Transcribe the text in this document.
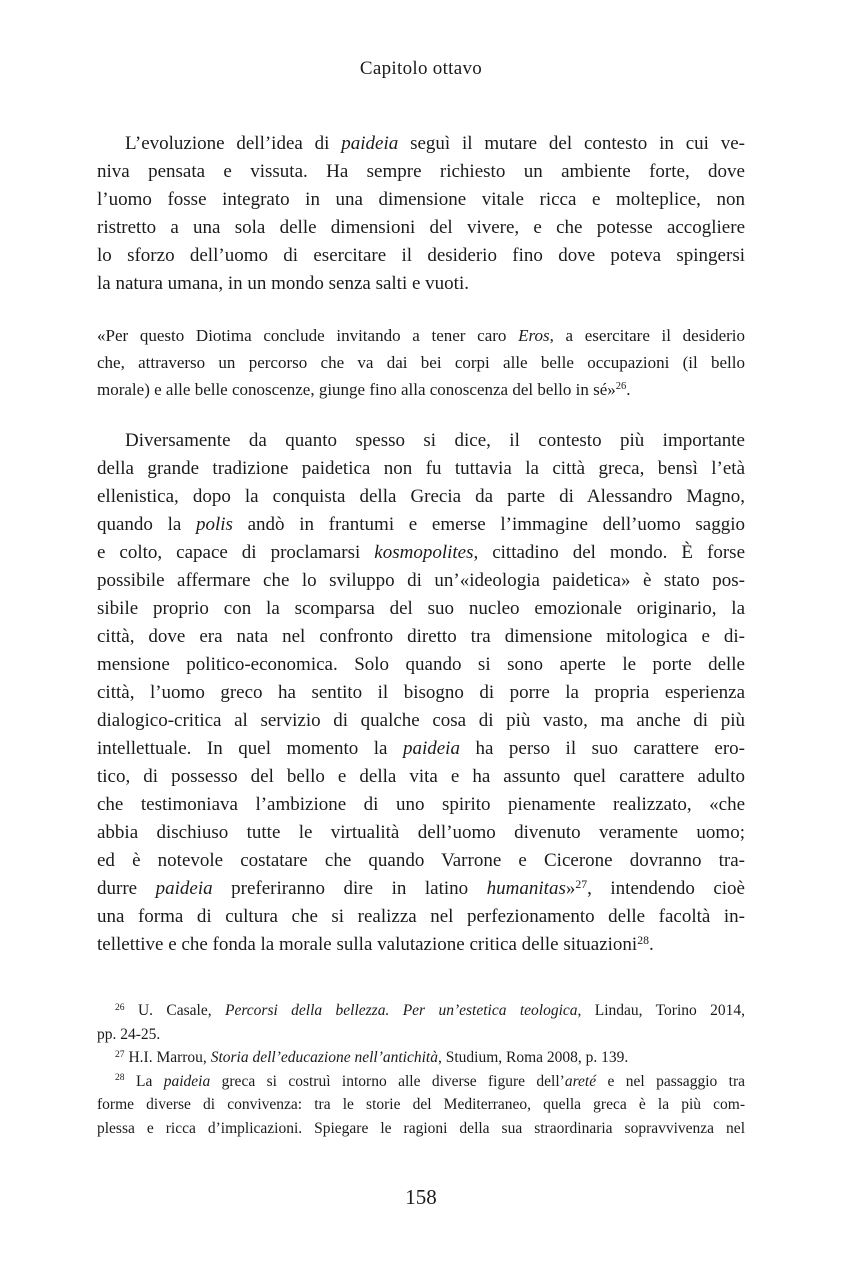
Capitolo ottavo
L’evoluzione dell’idea di paideia seguì il mutare del contesto in cui ve-
niva pensata e vissuta. Ha sempre richiesto un ambiente forte, dove
l’uomo fosse integrato in una dimensione vitale ricca e molteplice, non
ristretto a una sola delle dimensioni del vivere, e che potesse accogliere
lo sforzo dell’uomo di esercitare il desiderio fino dove poteva spingersi
la natura umana, in un mondo senza salti e vuoti.
«Per questo Diotima conclude invitando a tener caro Eros, a esercitare il desiderio
che, attraverso un percorso che va dai bei corpi alle belle occupazioni (il bello
morale) e alle belle conoscenze, giunge fino alla conoscenza del bello in sé»$^{26}$.
Diversamente da quanto spesso si dice, il contesto più importante
della grande tradizione paidetica non fu tuttavia la città greca, bensì l’età
ellenistica, dopo la conquista della Grecia da parte di Alessandro Magno,
quando la polis andò in frantumi e emerse l’immagine dell’uomo saggio
e colto, capace di proclamarsi kosmopolites, cittadino del mondo. È forse
possibile affermare che lo sviluppo di un’«ideologia paidetica» è stato pos-
sibile proprio con la scomparsa del suo nucleo emozionale originario, la
città, dove era nata nel confronto diretto tra dimensione mitologica e di-
mensione politico-economica. Solo quando si sono aperte le porte delle
città, l’uomo greco ha sentito il bisogno di porre la propria esperienza
dialogico-critica al servizio di qualche cosa di più vasto, ma anche di più
intellettuale. In quel momento la paideia ha perso il suo carattere ero-
tico, di possesso del bello e della vita e ha assunto quel carattere adulto
che testimoniava l’ambizione di uno spirito pienamente realizzato, «che
abbia dischiuso tutte le virtualità dell’uomo divenuto veramente uomo;
ed è notevole costatare che quando Varrone e Cicerone dovranno tra-
durre paideia preferiranno dire in latino humanitas»$^{27}$, intendendo cioè
una forma di cultura che si realizza nel perfezionamento delle facoltà in-
tellettive e che fonda la morale sulla valutazione critica delle situazioni$^{28}$.
$^{26}$ U. Casale, Percorsi della bellezza. Per un’estetica teologica, Lindau, Torino 2014,
pp. 24-25.
$^{27}$ H.I. Marrou, Storia dell’educazione nell’antichità, Studium, Roma 2008, p. 139.
$^{28}$ La paideia greca si costruì intorno alle diverse figure dell’areté e nel passaggio tra
forme diverse di convivenza: tra le storie del Mediterraneo, quella greca è la più com-
plessa e ricca d’implicazioni. Spiegare le ragioni della sua straordinaria sopravvivenza nel
158
